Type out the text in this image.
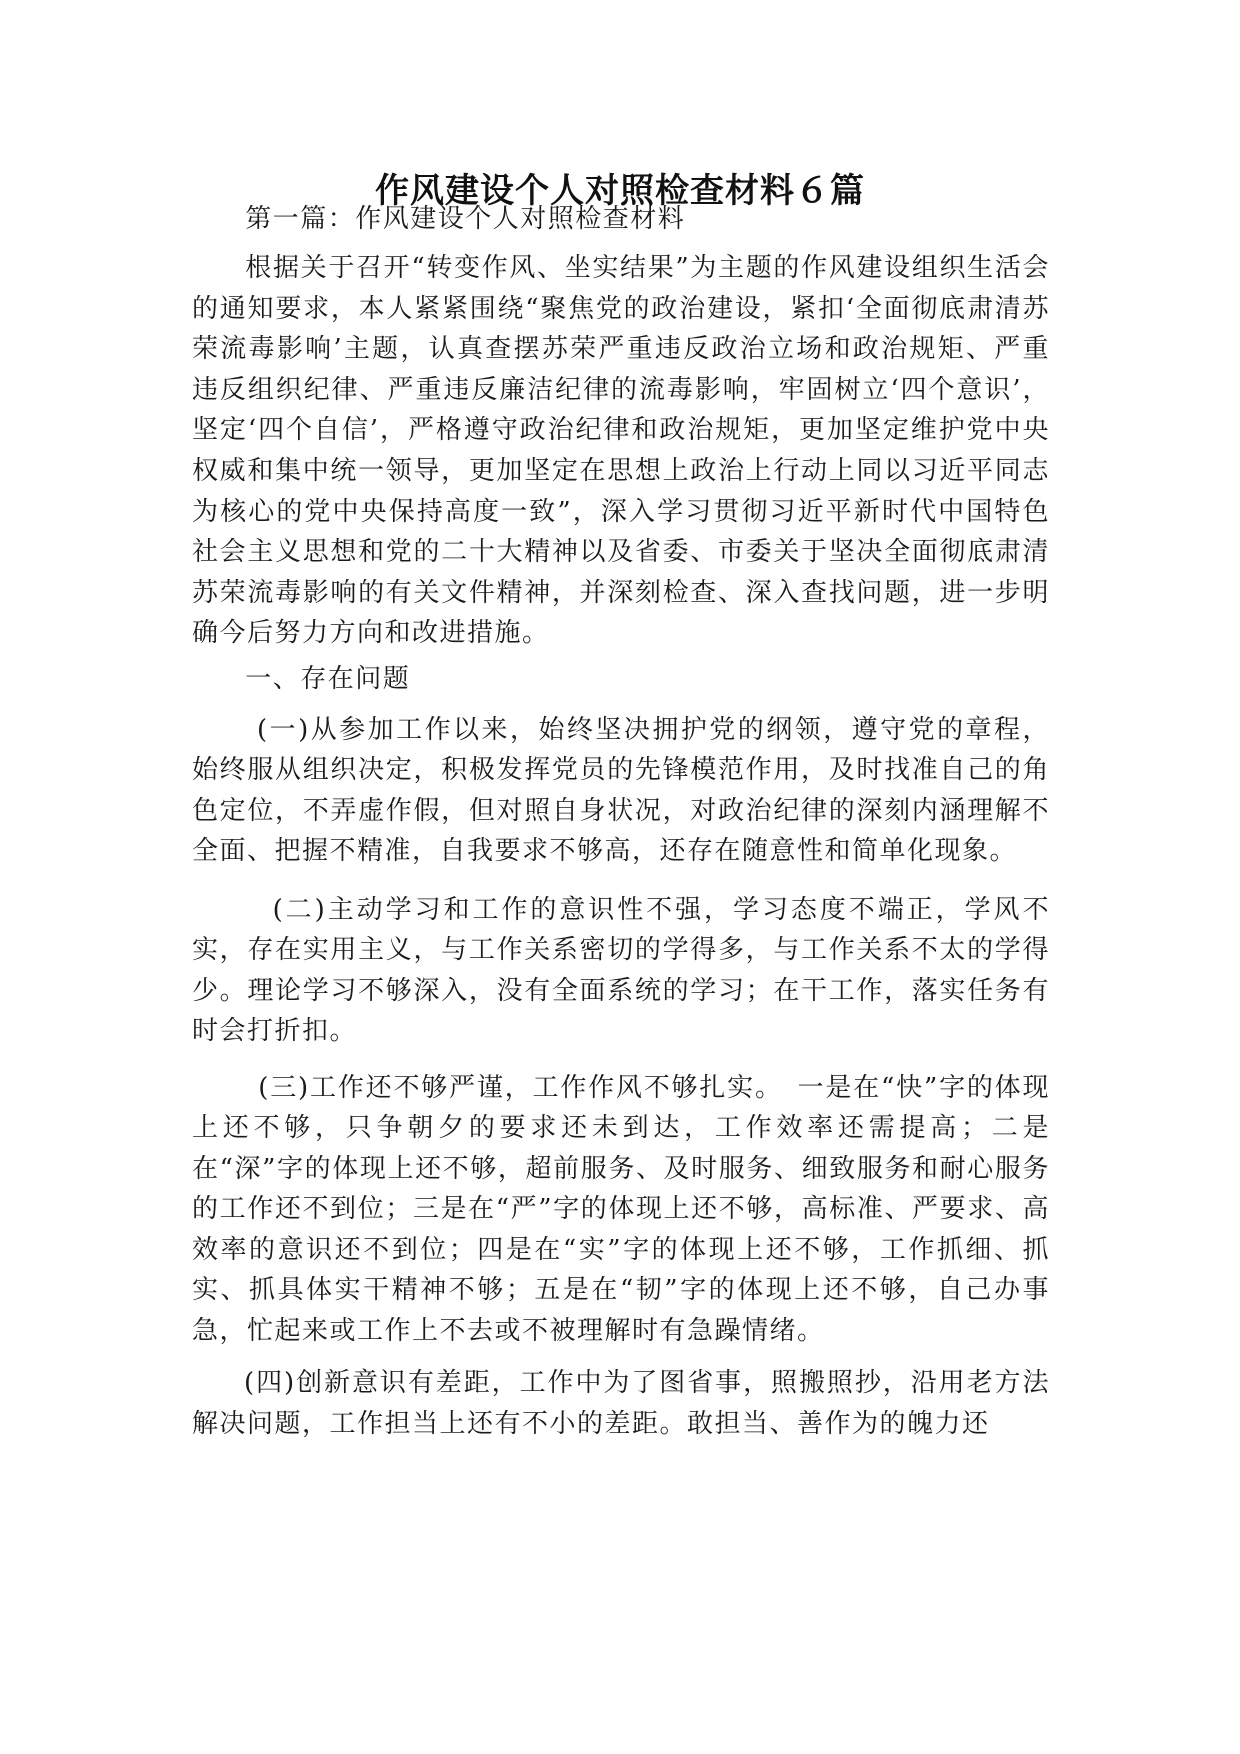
作风建设个人对照检查材料６篇

第一篇：作风建设个人对照检查材料

根据关于召开“转变作风、坐实结果”为主题的作风建设组织生活会的通知要求，本人紧紧围绕“聚焦党的政治建设，紧扣‘全面彻底肃清苏荣流毒影响’主题，认真查摆苏荣严重违反政治立场和政治规矩、严重违反组织纪律、严重违反廉洁纪律的流毒影响，牢固树立‘四个意识’，坚定‘四个自信’，严格遵守政治纪律和政治规矩，更加坚定维护党中央权威和集中统一领导，更加坚定在思想上政治上行动上同以习近平同志为核心的党中央保持高度一致”，深入学习贯彻习近平新时代中国特色社会主义思想和党的二十大精神以及省委、市委关于坚决全面彻底肃清苏荣流毒影响的有关文件精神，并深刻检查、深入查找问题，进一步明确今后努力方向和改进措施。

一、存在问题

(一)从参加工作以来，始终坚决拥护党的纲领，遵守党的章程，始终服从组织决定，积极发挥党员的先锋模范作用，及时找准自己的角色定位，不弄虚作假，但对照自身状况，对政治纪律的深刻内涵理解不全面、把握不精准，自我要求不够高，还存在随意性和简单化现象。

(二)主动学习和工作的意识性不强，学习态度不端正，学风不实，存在实用主义，与工作关系密切的学得多，与工作关系不太的学得少。理论学习不够深入，没有全面系统的学习；在干工作，落实任务有时会打折扣。

(三)工作还不够严谨，工作作风不够扎实。　一是在“快”字的体现上还不够，只争朝夕的要求还未到达，工作效率还需提高；二是在“深”字的体现上还不够，超前服务、及时服务、细致服务和耐心服务的工作还不到位；三是在“严”字的体现上还不够，高标准、严要求、高效率的意识还不到位；四是在“实”字的体现上还不够，工作抓细、抓实、抓具体实干精神不够；五是在“韧”字的体现上还不够，自己办事急，忙起来或工作上不去或不被理解时有急躁情绪。

(四)创新意识有差距，工作中为了图省事，照搬照抄，沿用老方法解决问题，工作担当上还有不小的差距。敢担当、善作为的魄力还
